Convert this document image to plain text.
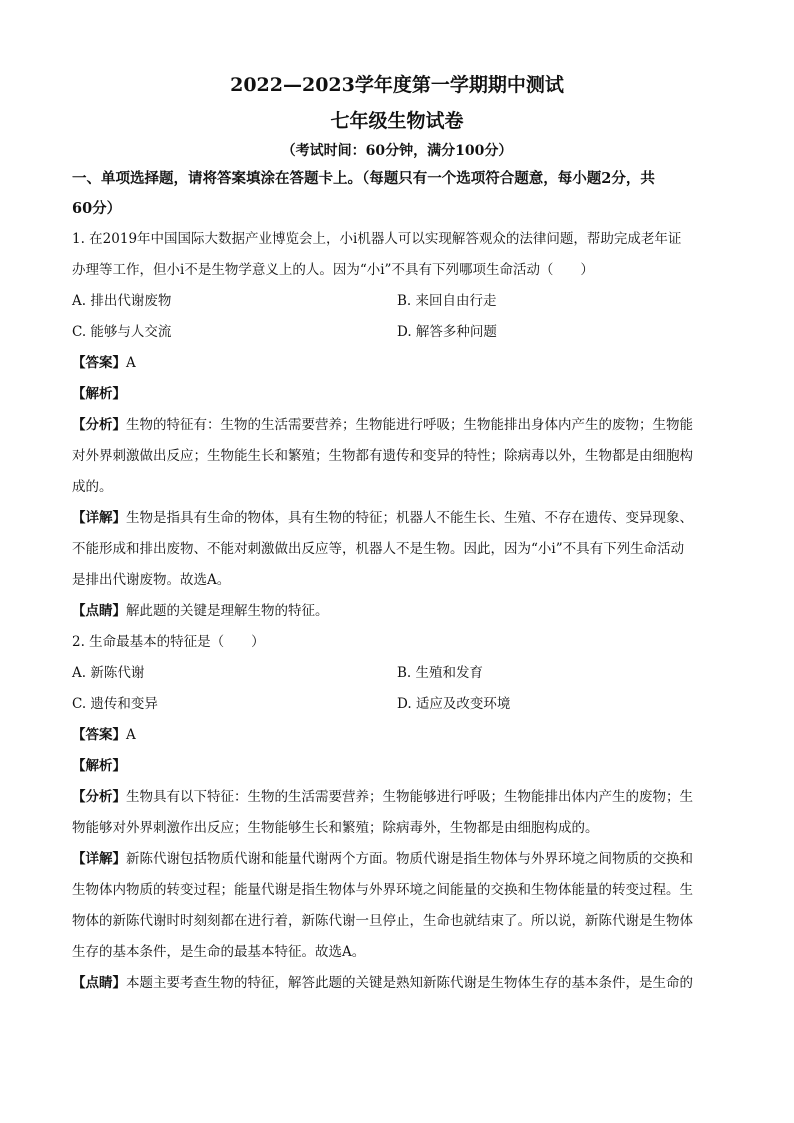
2022—2023学年度第一学期期中测试
七年级生物试卷
（考试时间：60分钟，满分100分）
一、单项选择题，请将答案填涂在答题卡上。（每题只有一个选项符合题意，每小题2分，共
60分）

1. 在2019年中国国际大数据产业博览会上，小i机器人可以实现解答观众的法律问题，帮助完成老年证

办理等工作，但小i不是生物学意义上的人。因为“小i”不具有下列哪项生命活动（　　）

A. 排出代谢废物	B. 来回自由行走
C. 能够与人交流	D. 解答多种问题

【答案】A

【解析】

【分析】生物的特征有：生物的生活需要营养；生物能进行呼吸；生物能排出身体内产生的废物；生物能

对外界刺激做出反应；生物能生长和繁殖；生物都有遗传和变异的特性；除病毒以外，生物都是由细胞构

成的。

【详解】生物是指具有生命的物体，具有生物的特征；机器人不能生长、生殖、不存在遗传、变异现象、

不能形成和排出废物、不能对刺激做出反应等，机器人不是生物。因此，因为“小i”不具有下列生命活动

是排出代谢废物。故选A。

【点睛】解此题的关键是理解生物的特征。

2. 生命最基本的特征是（　　）

A. 新陈代谢	B. 生殖和发育
C. 遗传和变异	D. 适应及改变环境

【答案】A

【解析】

【分析】生物具有以下特征：生物的生活需要营养；生物能够进行呼吸；生物能排出体内产生的废物；生

物能够对外界刺激作出反应；生物能够生长和繁殖；除病毒外，生物都是由细胞构成的。

【详解】新陈代谢包括物质代谢和能量代谢两个方面。物质代谢是指生物体与外界环境之间物质的交换和

生物体内物质的转变过程；能量代谢是指生物体与外界环境之间能量的交换和生物体能量的转变过程。生

物体的新陈代谢时时刻刻都在进行着，新陈代谢一旦停止，生命也就结束了。所以说，新陈代谢是生物体

生存的基本条件，是生命的最基本特征。故选A。

【点睛】本题主要考查生物的特征，解答此题的关键是熟知新陈代谢是生物体生存的基本条件，是生命的
